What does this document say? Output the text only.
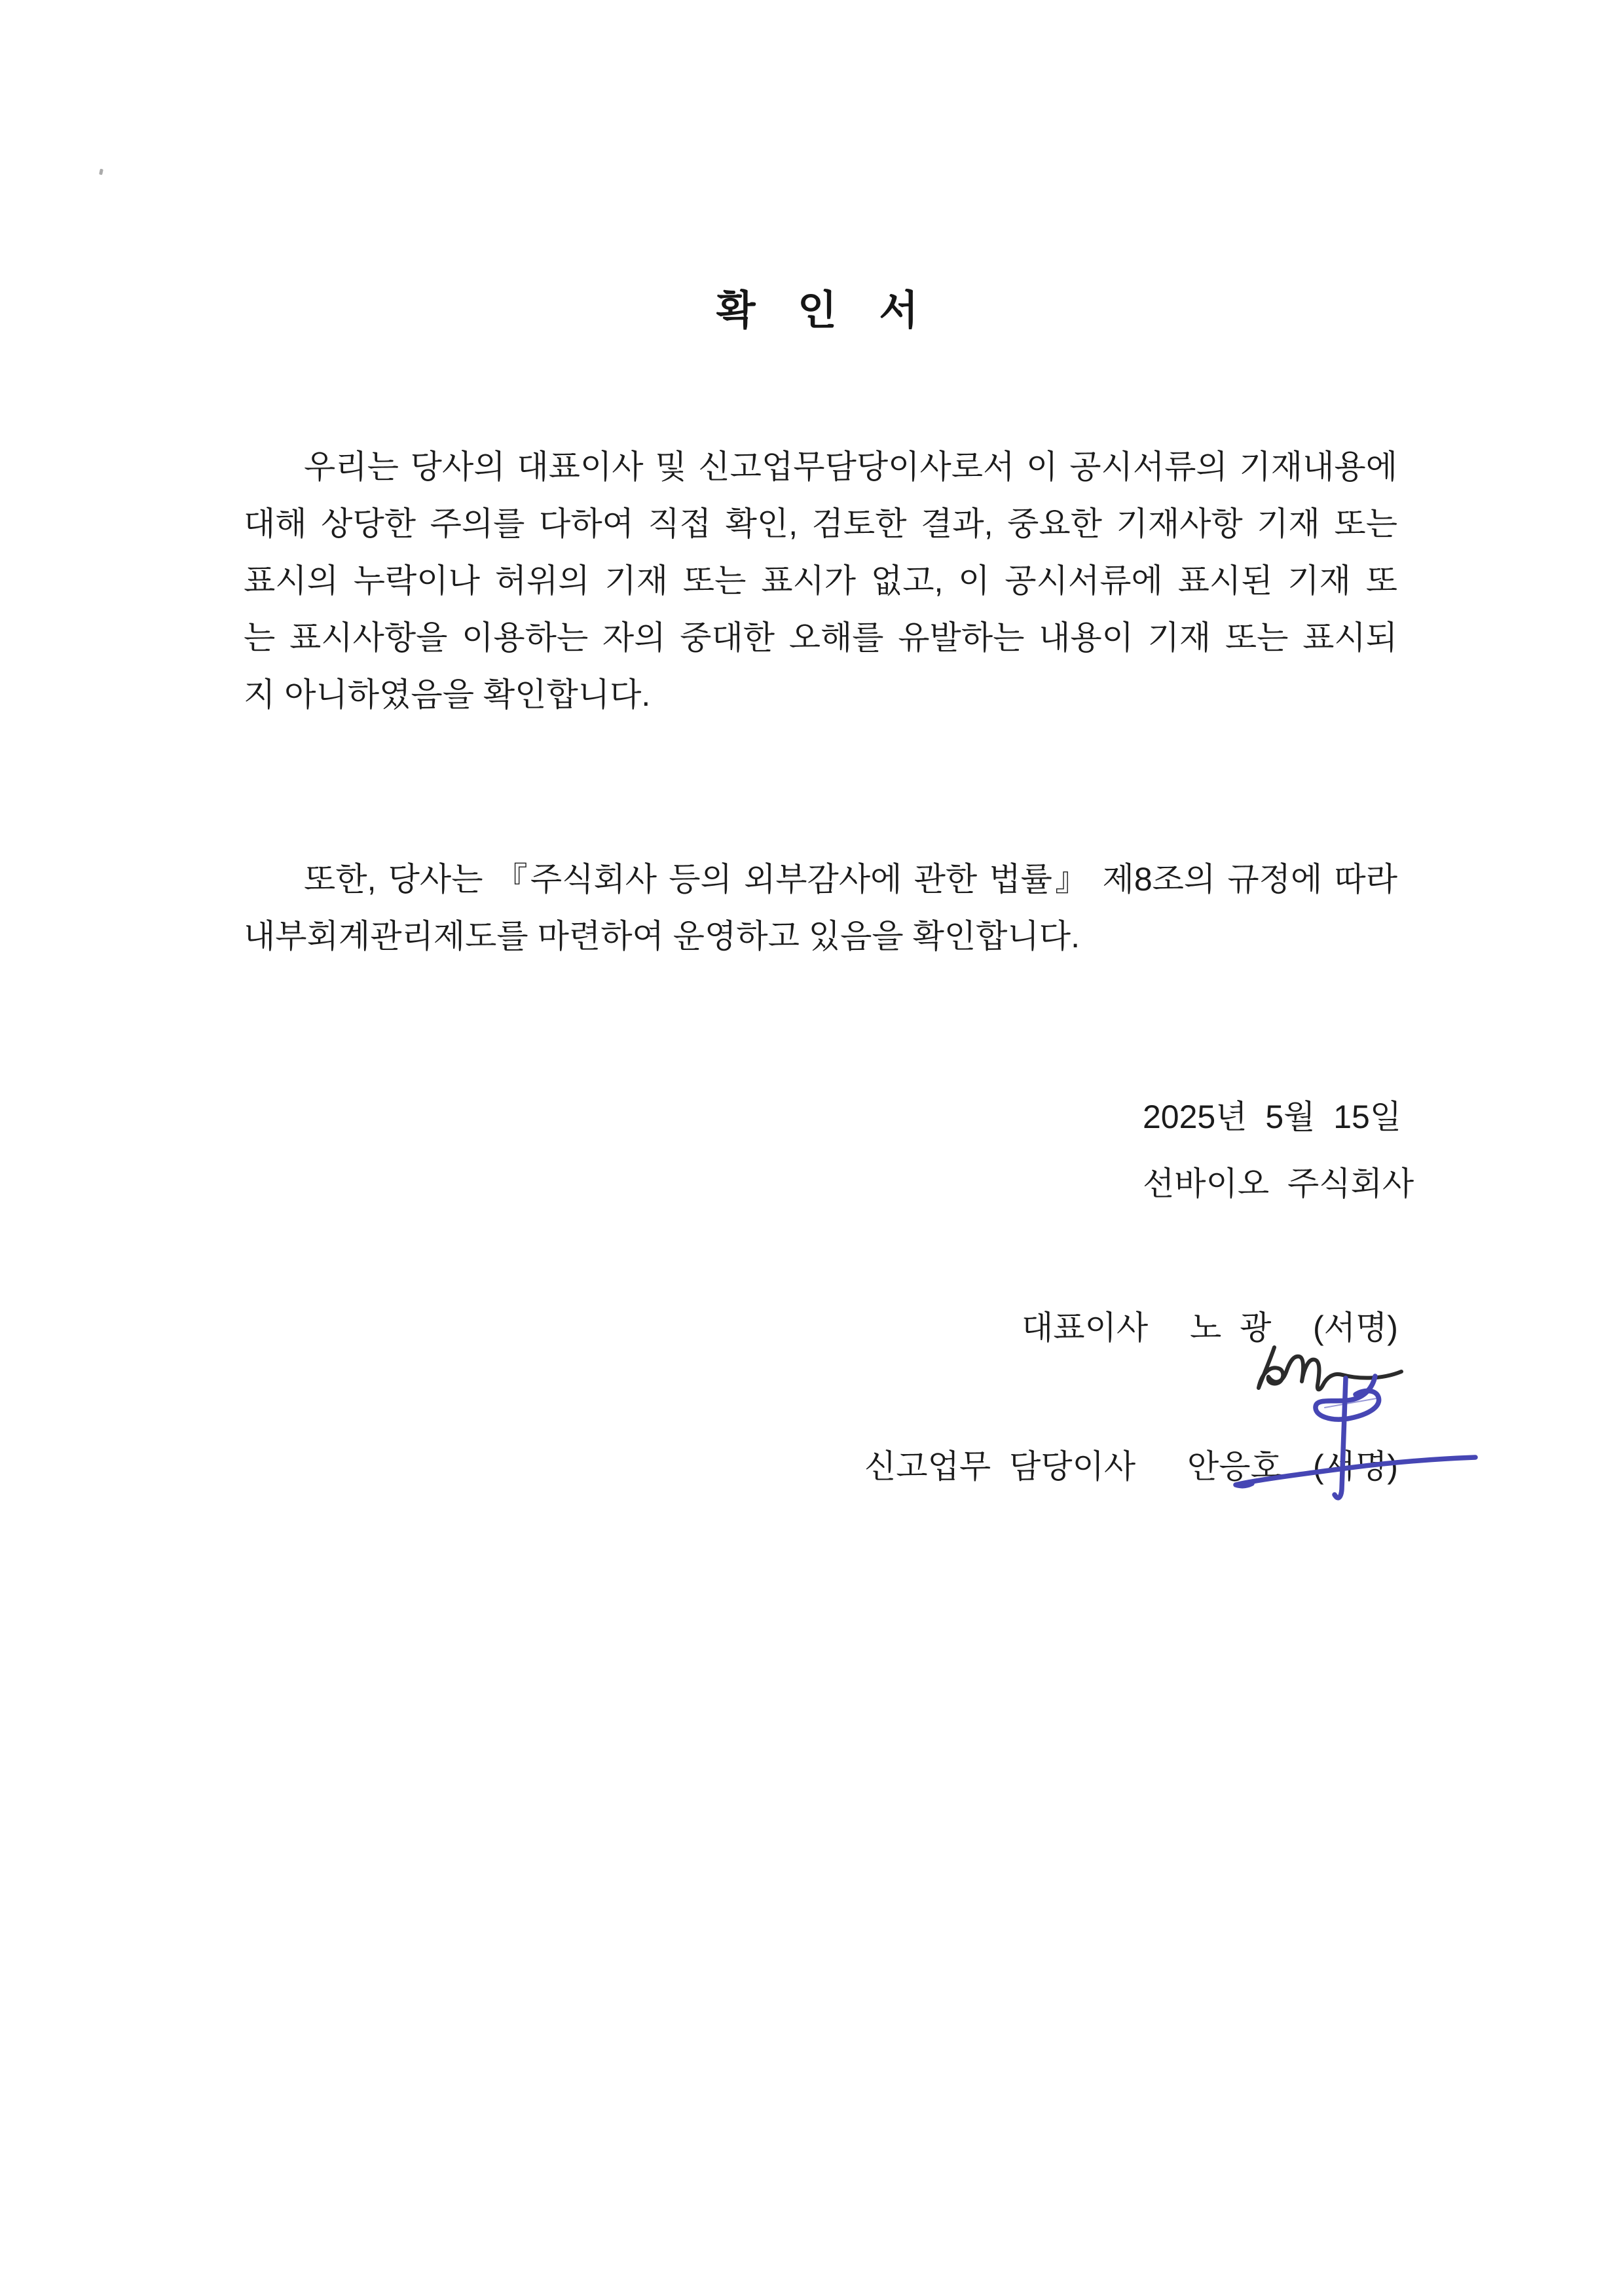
확  인  서
우리는 당사의 대표이사 및 신고업무담당이사로서 이 공시서류의 기재내용에
대해 상당한 주의를 다하여 직접 확인, 검토한 결과, 중요한 기재사항 기재 또는
표시의 누락이나 허위의 기재 또는 표시가 없고, 이 공시서류에 표시된 기재 또
는 표시사항을 이용하는 자의 중대한 오해를 유발하는 내용이 기재 또는 표시되
지 아니하였음을 확인합니다.
또한, 당사는 『주식회사 등의 외부감사에 관한 법률』 제8조의 규정에 따라
내부회계관리제도를 마련하여 운영하고 있음을 확인합니다.
2025년  5월  15일
선바이오  주식회사
대표이사 노  광 (서명)
신고업무  담당이사 안응호 (서명)
